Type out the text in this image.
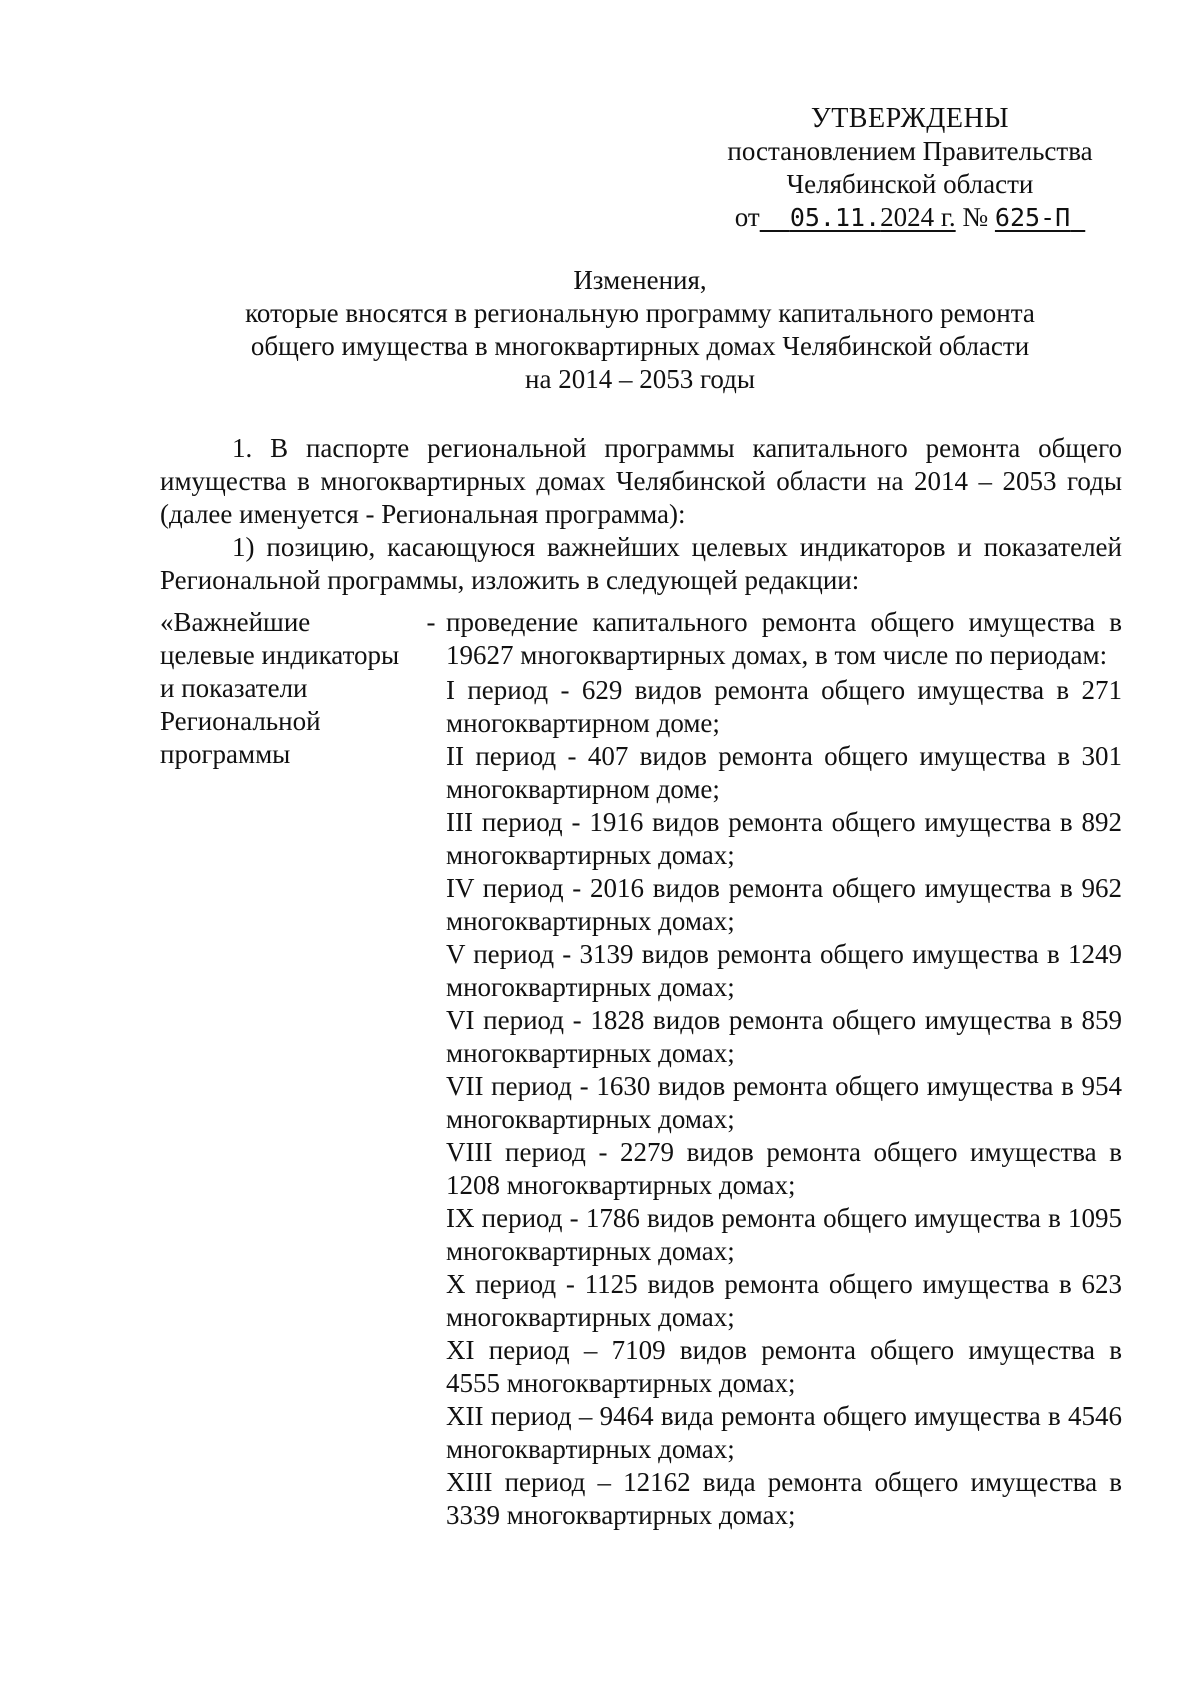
УТВЕРЖДЕНЫ
постановлением Правительства
Челябинской области
от 05.11.2024 г. № 625-П
Изменения,
которые вносятся в региональную программу капитального ремонта
общего имущества в многоквартирных домах Челябинской области
на 2014 – 2053 годы

1. В паспорте региональной программы капитального ремонта общего имущества в многоквартирных домах Челябинской области на 2014 – 2053 годы (далее именуется - Региональная программа):

1) позицию, касающуюся важнейших целевых индикаторов и показателей Региональной программы, изложить в следующей редакции:

«Важнейшие
целевые индикаторы
и показатели
Региональной
программы
- проведение капитального ремонта общего имущества в 19627 многоквартирных домах, в том числе по периодам:

I период - 629 видов ремонта общего имущества в 271 многоквартирном доме;

II период - 407 видов ремонта общего имущества в 301 многоквартирном доме;

III период - 1916 видов ремонта общего имущества в 892 многоквартирных домах;

IV период - 2016 видов ремонта общего имущества в 962 многоквартирных домах;

V период - 3139 видов ремонта общего имущества в 1249 многоквартирных домах;

VI период - 1828 видов ремонта общего имущества в 859 многоквартирных домах;

VII период - 1630 видов ремонта общего имущества в 954 многоквартирных домах;

VIII период - 2279 видов ремонта общего имущества в 1208 многоквартирных домах;

IX период - 1786 видов ремонта общего имущества в 1095 многоквартирных домах;

X период - 1125 видов ремонта общего имущества в 623 многоквартирных домах;

XI период – 7109 видов ремонта общего имущества в 4555 многоквартирных домах;

XII период – 9464 вида ремонта общего имущества в 4546 многоквартирных домах;

XIII период – 12162 вида ремонта общего имущества в 3339 многоквартирных домах;
